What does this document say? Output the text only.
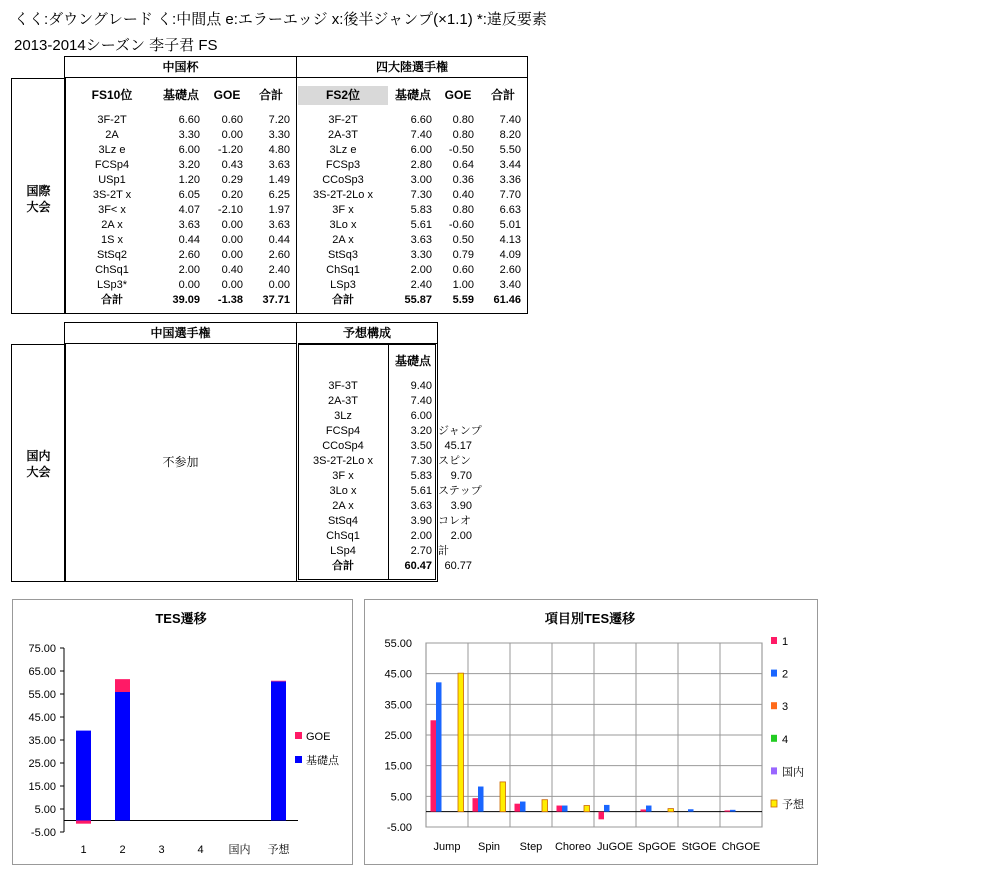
くく:ダウングレード く:中間点 e:エラーエッジ x:後半ジャンプ(×1.1) *:違反要素
2013-2014シーズン 李子君 FS
中国杯	四大陸選手権
国際
大会
FS10位	基礎点	GOE	合計	FS2位	基礎点	GOE	合計
3F-2T	6.60	0.60	7.20
2A	3.30	0.00	3.30
3Lz e	6.00	-1.20	4.80
FCSp4	3.20	0.43	3.63
USp1	1.20	0.29	1.49
3S-2T x	6.05	0.20	6.25
3F< x	4.07	-2.10	1.97
2A x	3.63	0.00	3.63
1S x	0.44	0.00	0.44
StSq2	2.60	0.00	2.60
ChSq1	2.00	0.40	2.40
LSp3*	0.00	0.00	0.00
合計	39.09	-1.38	37.71
3F-2T	6.60	0.80	7.40
2A-3T	7.40	0.80	8.20
3Lz e	6.00	-0.50	5.50
FCSp3	2.80	0.64	3.44
CCoSp3	3.00	0.36	3.36
3S-2T-2Lo x	7.30	0.40	7.70
3F x	5.83	0.80	6.63
3Lo x	5.61	-0.60	5.01
2A x	3.63	0.50	4.13
StSq3	3.30	0.79	4.09
ChSq1	2.00	0.60	2.60
LSp3	2.40	1.00	3.40
合計	55.87	5.59	61.46
中国選手権	予想構成
国内
大会
不参加
基礎点
3F-3T	9.40
2A-3T	7.40
3Lz	6.00
FCSp4	3.20
CCoSp4	3.50
3S-2T-2Lo x	7.30
3F x	5.83
3Lo x	5.61
2A x	3.63
StSq4	3.90
ChSq1	2.00
LSp4	2.70
合計	60.47
ジャンプ
45.17
スピン
9.70
ステップ
3.90
コレオ
2.00
計
60.77
TES遷移
75.00
65.00
55.00
45.00
35.00
25.00
15.00
5.00
-5.00
1	2	3	4 国内 予想
GOE
基礎点
項目別TES遷移
55.00
45.00
35.00
25.00
15.00
5.00
-5.00
Jump Spin Step Choreo JuGOE SpGOE StGOE ChGOE
1
2
3
4
国内
予想
